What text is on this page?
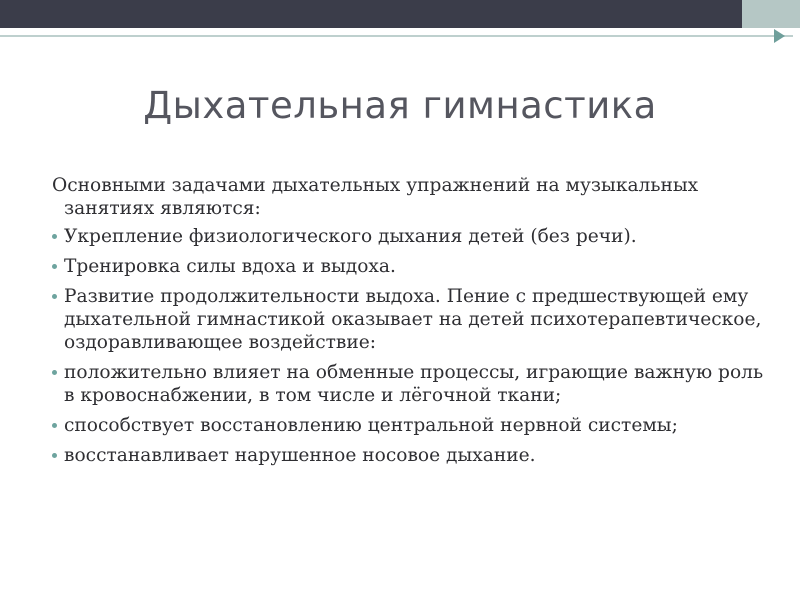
Дыхательная гимнастика

Основными задачами дыхательных упражнений на музыкальных занятиях являются:

Укрепление физиологического дыхания детей (без речи).
Тренировка силы вдоха и выдоха.
Развитие продолжительности выдоха. Пение с предшествующей ему дыхательной гимнастикой оказывает на детей психотерапевтическое, оздоравливающее воздействие:
положительно влияет на обменные процессы, играющие важную роль в кровоснабжении, в том числе и лёгочной ткани;
способствует восстановлению центральной нервной системы;
восстанавливает нарушенное носовое дыхание.
